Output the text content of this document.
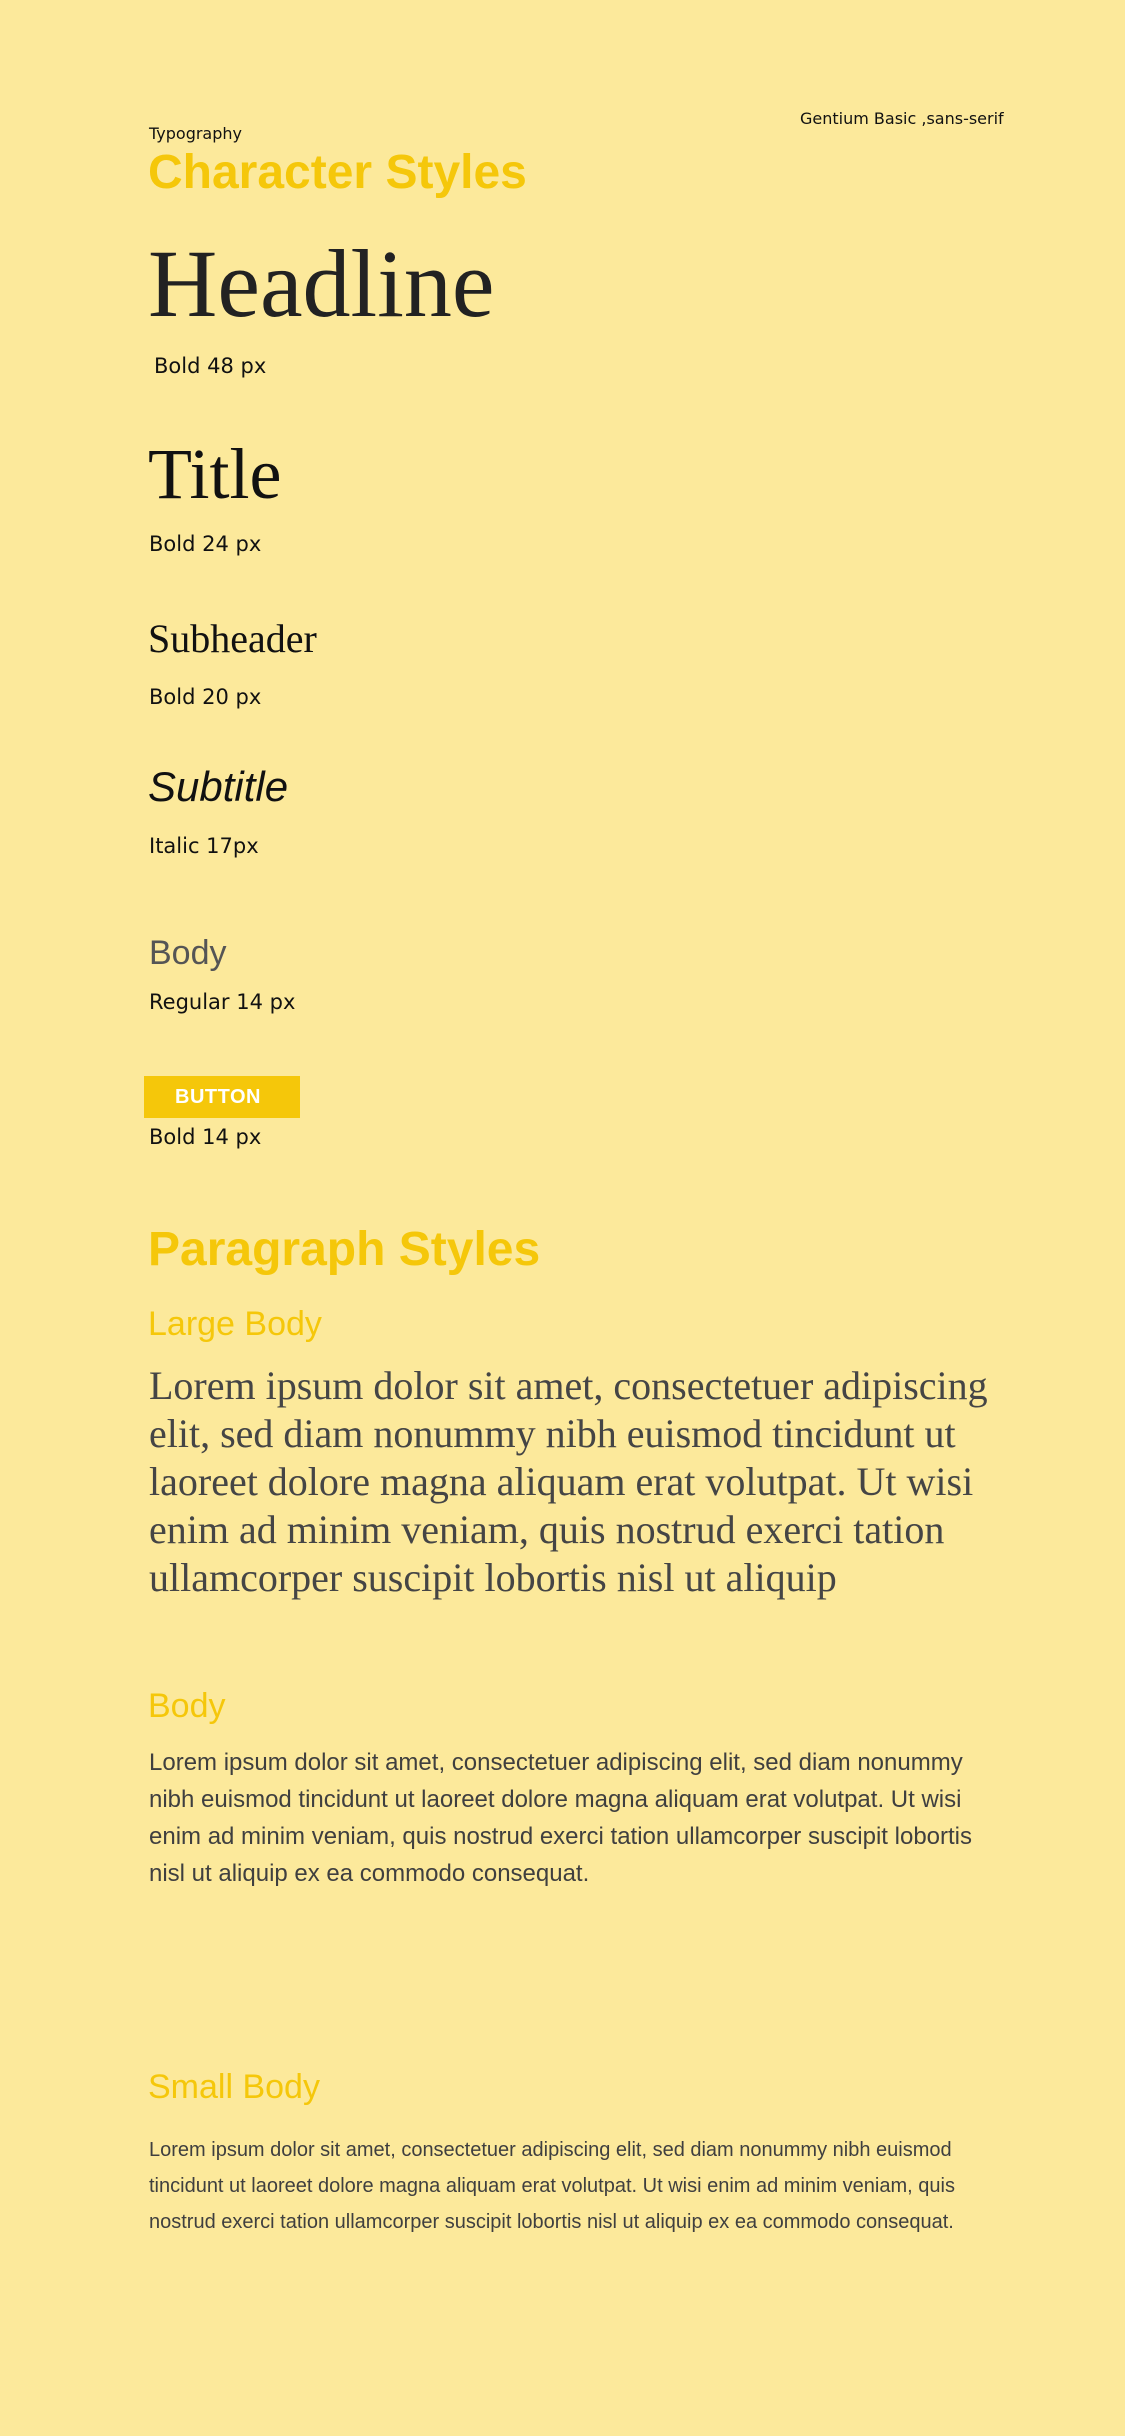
Typography

Gentium Basic ,sans-serif

Character Styles

Headline

Bold 48 px

Title

Bold 24 px

Subheader

Bold 20 px

Subtitle

Italic 17px

Body

Regular 14 px

BUTTON

Bold 14 px

Paragraph Styles

Large Body

Lorem ipsum dolor sit amet, consectetuer adipiscing elit, sed diam nonummy nibh euismod tincidunt ut laoreet dolore magna aliquam erat volutpat. Ut wisi enim ad minim veniam, quis nostrud exerci tation ullamcorper suscipit lobortis nisl ut aliquip

Body

Lorem ipsum dolor sit amet, consectetuer adipiscing elit, sed diam nonummy nibh euismod tincidunt ut laoreet dolore magna aliquam erat volutpat. Ut wisi enim ad minim veniam, quis nostrud exerci tation ullamcorper suscipit lobortis nisl ut aliquip ex ea commodo consequat.

Small Body

Lorem ipsum dolor sit amet, consectetuer adipiscing elit, sed diam nonummy nibh euismod tincidunt ut laoreet dolore magna aliquam erat volutpat. Ut wisi enim ad minim veniam, quis nostrud exerci tation ullamcorper suscipit lobortis nisl ut aliquip ex ea commodo consequat.
